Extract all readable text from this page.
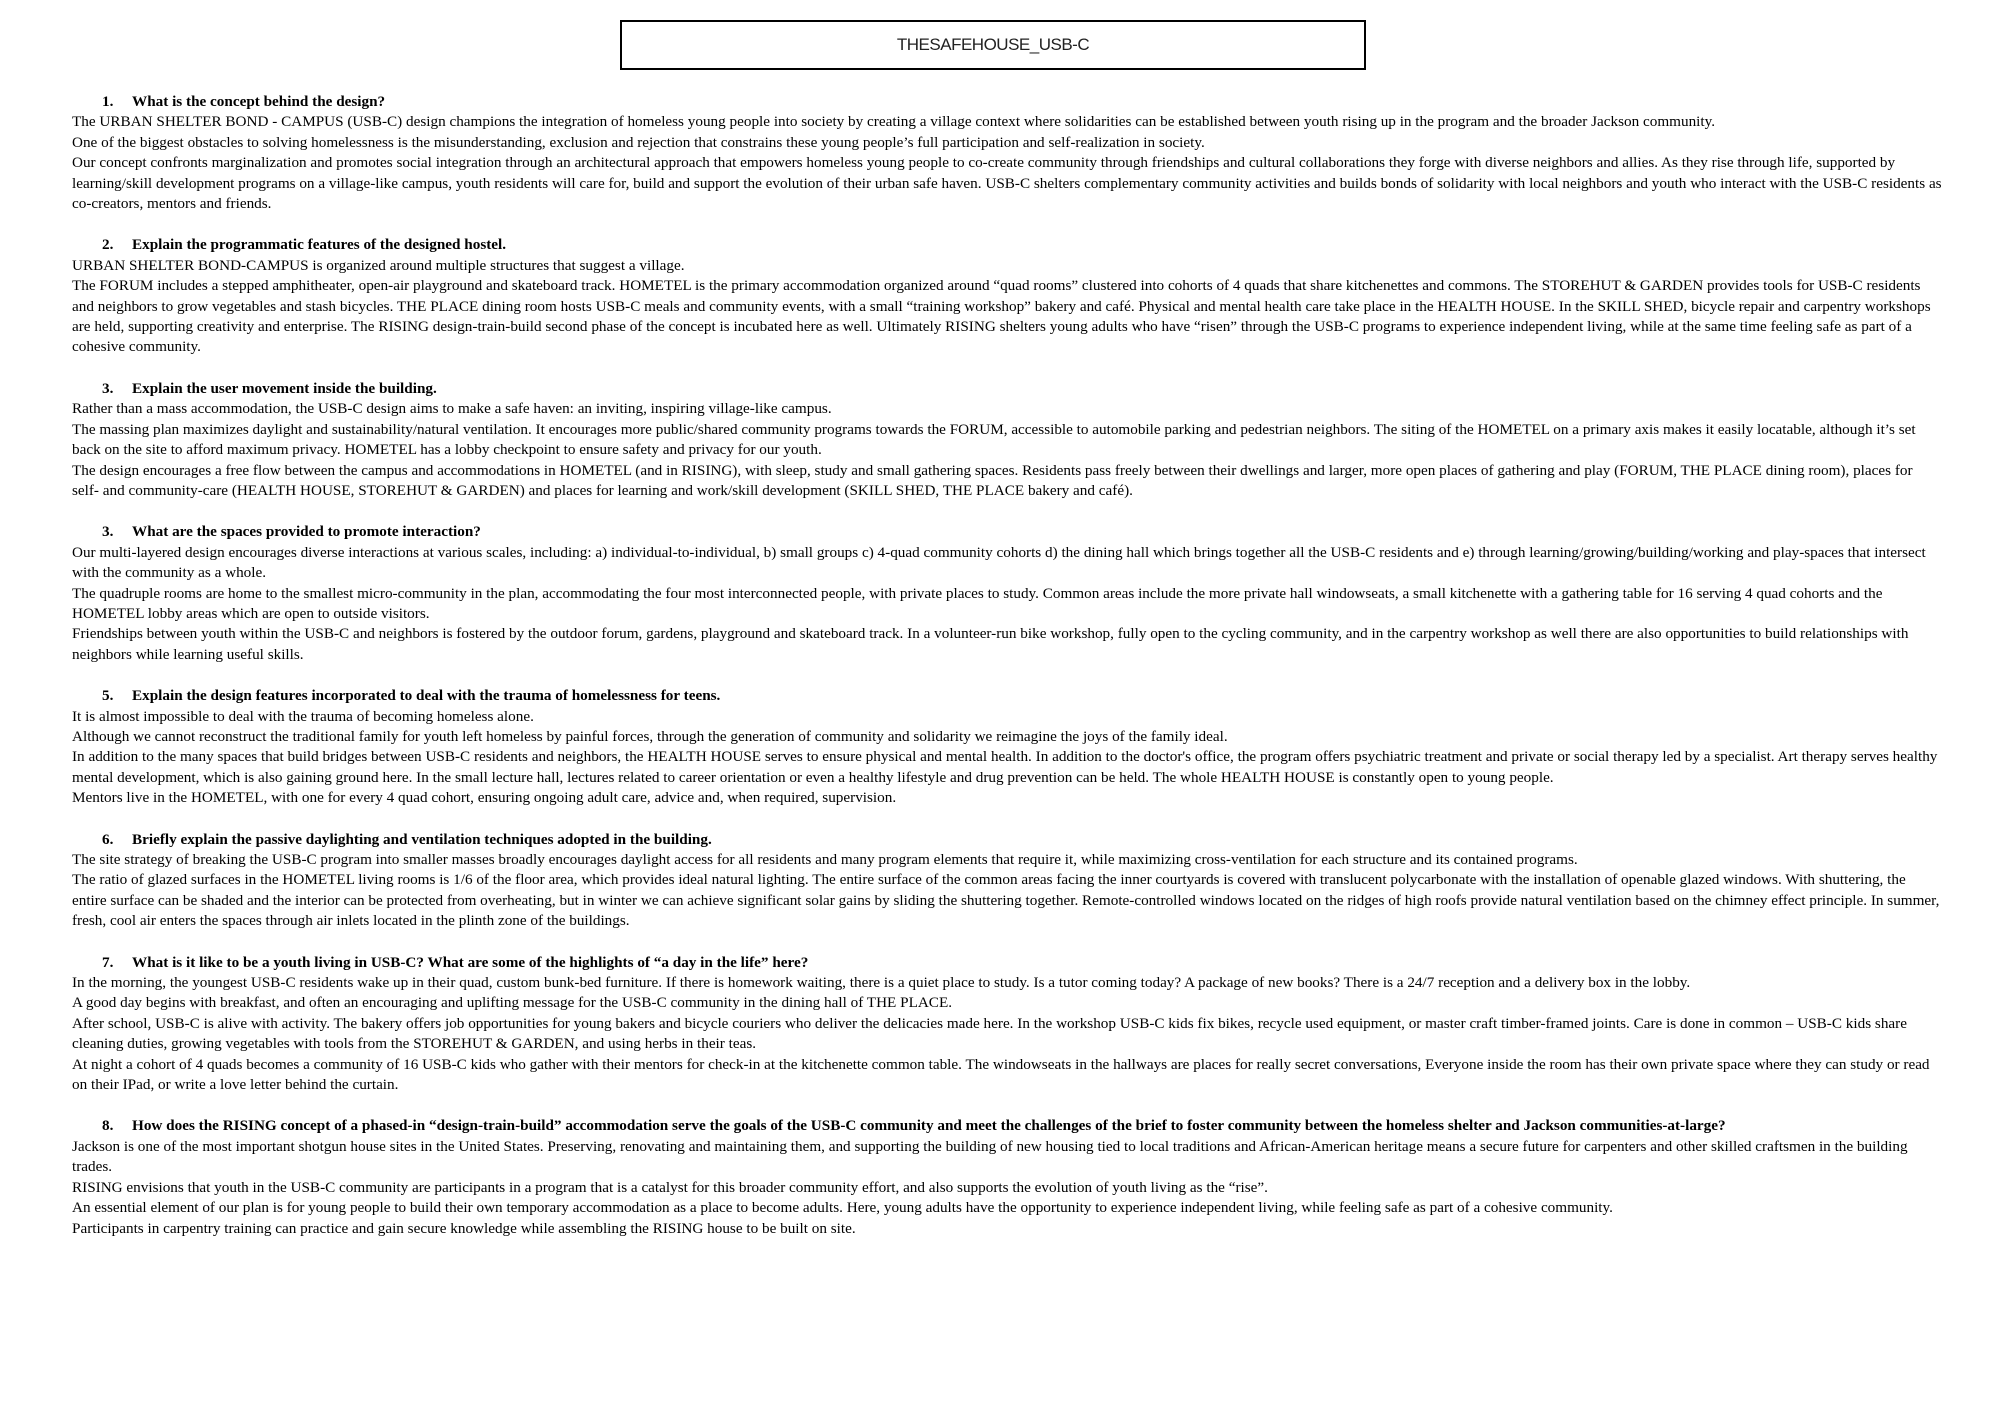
THESAFEHOUSE_USB-C
1.	What is the concept behind the design?

The URBAN SHELTER BOND - CAMPUS (USB-C) design champions the integration of homeless young people into society by creating a village context where solidarities can be established between youth rising up in the program and the broader Jackson community.

One of the biggest obstacles to solving homelessness is the misunderstanding, exclusion and rejection that constrains these young people’s full participation and self-realization in society.

Our concept confronts marginalization and promotes social integration through an architectural approach that empowers homeless young people to co-create community through friendships and cultural collaborations they forge with diverse neighbors and allies. As they rise through life, supported by learning/skill development programs on a village-like campus, youth residents will care for, build and support the evolution of their urban safe haven. USB-C shelters complementary community activities and builds bonds of solidarity with local neighbors and youth who interact with the USB-C residents as co-creators, mentors and friends.

2.	Explain the programmatic features of the designed hostel.

URBAN SHELTER BOND-CAMPUS is organized around multiple structures that suggest a village.

The FORUM includes a stepped amphitheater, open-air playground and skateboard track. HOMETEL is the primary accommodation organized around “quad rooms” clustered into cohorts of 4 quads that share kitchenettes and commons. The STOREHUT & GARDEN provides tools for USB-C residents and neighbors to grow vegetables and stash bicycles. THE PLACE dining room hosts USB-C meals and community events, with a small “training workshop” bakery and café. Physical and mental health care take place in the HEALTH HOUSE. In the SKILL SHED, bicycle repair and carpentry workshops are held, supporting creativity and enterprise. The RISING design-train-build second phase of the concept is incubated here as well. Ultimately RISING shelters young adults who have “risen” through the USB-C programs to experience independent living, while at the same time feeling safe as part of a cohesive community.

3.	Explain the user movement inside the building.

Rather than a mass accommodation, the USB-C design aims to make a safe haven: an inviting, inspiring village-like campus.

The massing plan maximizes daylight and sustainability/natural ventilation. It encourages more public/shared community programs towards the FORUM, accessible to automobile parking and pedestrian neighbors. The siting of the HOMETEL on a primary axis makes it easily locatable, although it’s set back on the site to afford maximum privacy. HOMETEL has a lobby checkpoint to ensure safety and privacy for our youth.

The design encourages a free flow between the campus and accommodations in HOMETEL (and in RISING), with sleep, study and small gathering spaces. Residents pass freely between their dwellings and larger, more open places of gathering and play (FORUM, THE PLACE dining room), places for self- and community-care (HEALTH HOUSE, STOREHUT & GARDEN) and places for learning and work/skill development (SKILL SHED, THE PLACE bakery and café).

3.	What are the spaces provided to promote interaction?

Our multi-layered design encourages diverse interactions at various scales, including: a) individual-to-individual, b) small groups c) 4-quad community cohorts d) the dining hall which brings together all the USB-C residents and e) through learning/growing/building/working and play-spaces that intersect with the community as a whole.

The quadruple rooms are home to the smallest micro-community in the plan, accommodating the four most interconnected people, with private places to study. Common areas include the more private hall windowseats, a small kitchenette with a gathering table for 16 serving 4 quad cohorts and the HOMETEL lobby areas which are open to outside visitors.

Friendships between youth within the USB-C and neighbors is fostered by the outdoor forum, gardens, playground and skateboard track. In a volunteer-run bike workshop, fully open to the cycling community, and in the carpentry workshop as well there are also opportunities to build relationships with neighbors while learning useful skills.

5.	Explain the design features incorporated to deal with the trauma of homelessness for teens.

It is almost impossible to deal with the trauma of becoming homeless alone.

Although we cannot reconstruct the traditional family for youth left homeless by painful forces, through the generation of community and solidarity we reimagine the joys of the family ideal.

In addition to the many spaces that build bridges between USB-C residents and neighbors, the HEALTH HOUSE serves to ensure physical and mental health. In addition to the doctor's office, the program offers psychiatric treatment and private or social therapy led by a specialist. Art therapy serves healthy mental development, which is also gaining ground here. In the small lecture hall, lectures related to career orientation or even a healthy lifestyle and drug prevention can be held. The whole HEALTH HOUSE is constantly open to young people.

Mentors live in the HOMETEL, with one for every 4 quad cohort, ensuring ongoing adult care, advice and, when required, supervision.

6.	Briefly explain the passive daylighting and ventilation techniques adopted in the building.

The site strategy of breaking the USB-C program into smaller masses broadly encourages daylight access for all residents and many program elements that require it, while maximizing cross-ventilation for each structure and its contained programs.

The ratio of glazed surfaces in the HOMETEL living rooms is 1/6 of the floor area, which provides ideal natural lighting. The entire surface of the common areas facing the inner courtyards is covered with translucent polycarbonate with the installation of openable glazed windows. With shuttering, the entire surface can be shaded and the interior can be protected from overheating, but in winter we can achieve significant solar gains by sliding the shuttering together. Remote-controlled windows located on the ridges of high roofs provide natural ventilation based on the chimney effect principle. In summer, fresh, cool air enters the spaces through air inlets located in the plinth zone of the buildings.

7.	What is it like to be a youth living in USB-C? What are some of the highlights of “a day in the life” here?

In the morning, the youngest USB-C residents wake up in their quad, custom bunk-bed furniture. If there is homework waiting, there is a quiet place to study. Is a tutor coming today? A package of new books? There is a 24/7 reception and a delivery box in the lobby.

A good day begins with breakfast, and often an encouraging and uplifting message for the USB-C community in the dining hall of THE PLACE.

After school, USB-C is alive with activity. The bakery offers job opportunities for young bakers and bicycle couriers who deliver the delicacies made here. In the workshop USB-C kids fix bikes, recycle used equipment, or master craft timber-framed joints. Care is done in common – USB-C kids share cleaning duties, growing vegetables with tools from the STOREHUT & GARDEN, and using herbs in their teas.

At night a cohort of 4 quads becomes a community of 16 USB-C kids who gather with their mentors for check-in at the kitchenette common table. The windowseats in the hallways are places for really secret conversations, Everyone inside the room has their own private space where they can study or read on their IPad, or write a love letter behind the curtain.

8.	How does the RISING concept of a phased-in “design-train-build” accommodation serve the goals of the USB-C community and meet the challenges of the brief to foster community between the homeless shelter and Jackson communities-at-large?

Jackson is one of the most important shotgun house sites in the United States. Preserving, renovating and maintaining them, and supporting the building of new housing tied to local traditions and African-American heritage means a secure future for carpenters and other skilled craftsmen in the building trades.

RISING envisions that youth in the USB-C community are participants in a program that is a catalyst for this broader community effort, and also supports the evolution of youth living as the “rise”.

An essential element of our plan is for young people to build their own temporary accommodation as a place to become adults. Here, young adults have the opportunity to experience independent living, while feeling safe as part of a cohesive community.

Participants in carpentry training can practice and gain secure knowledge while assembling the RISING house to be built on site.
